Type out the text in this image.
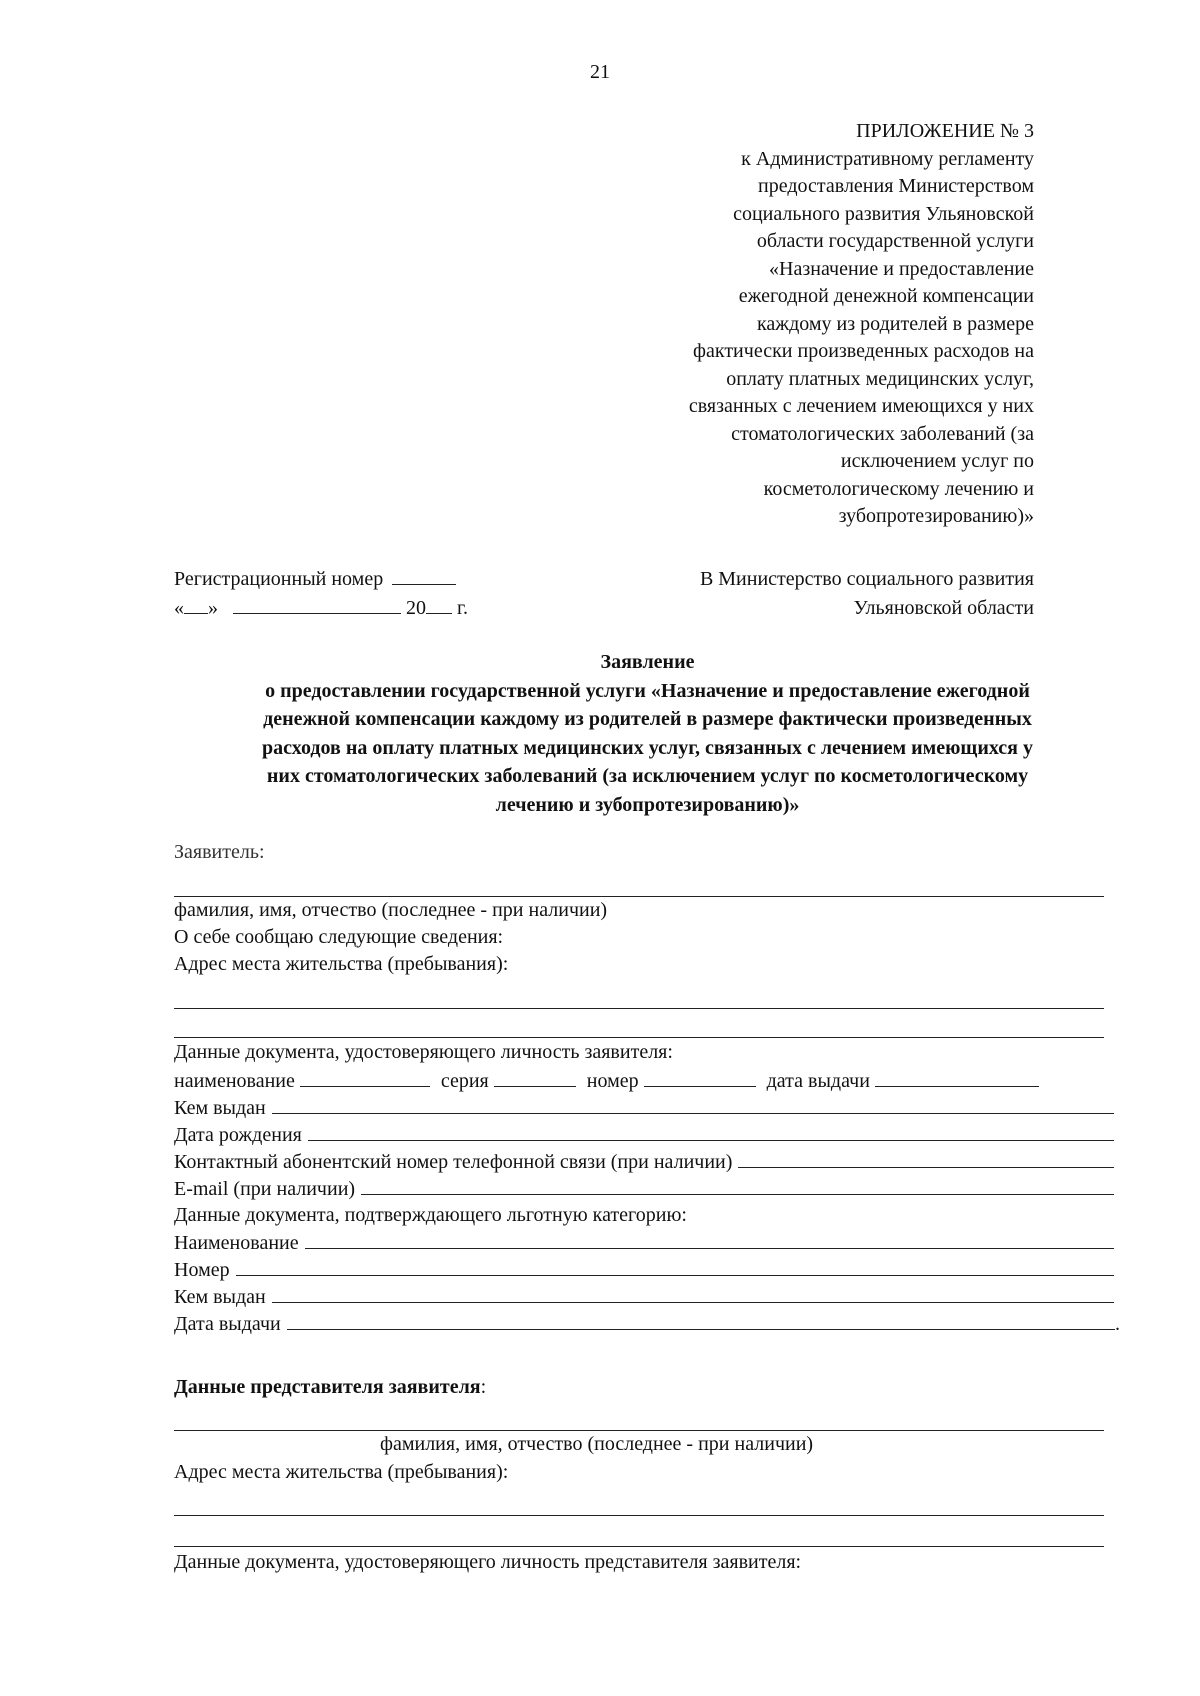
21
ПРИЛОЖЕНИЕ № 3
к Административному регламенту
предоставления Министерством
социального развития Ульяновской
области государственной услуги
«Назначение и предоставление
ежегодной денежной компенсации
каждому из родителей в размере
фактически произведенных расходов на
оплату платных медицинских услуг,
связанных с лечением имеющихся у них
стоматологических заболеваний (за
исключением услуг по
косметологическому лечению и
зубопротезированию)»
Регистрационный номер
« »	20 г.
В Министерство социального развития
Ульяновской области
Заявление
о предоставлении государственной услуги «Назначение и предоставление ежегодной
денежной компенсации каждому из родителей в размере фактически произведенных
расходов на оплату платных медицинских услуг, связанных с лечением имеющихся у
них стоматологических заболеваний (за исключением услуг по косметологическому
лечению и зубопротезированию)»
Заявитель:
фамилия, имя, отчество (последнее - при наличии)
О себе сообщаю следующие сведения:
Адрес места жительства (пребывания):
Данные документа, удостоверяющего личность заявителя:
наименование	серия	номер	дата выдачи
Кем выдан
Дата рождения
Контактный абонентский номер телефонной связи (при наличии)
E-mail (при наличии)
Данные документа, подтверждающего льготную категорию:
Наименование
Номер
Кем выдан
Дата выдачи	.
Данные представителя заявителя:
фамилия, имя, отчество (последнее - при наличии)
Адрес места жительства (пребывания):
Данные документа, удостоверяющего личность представителя заявителя:
